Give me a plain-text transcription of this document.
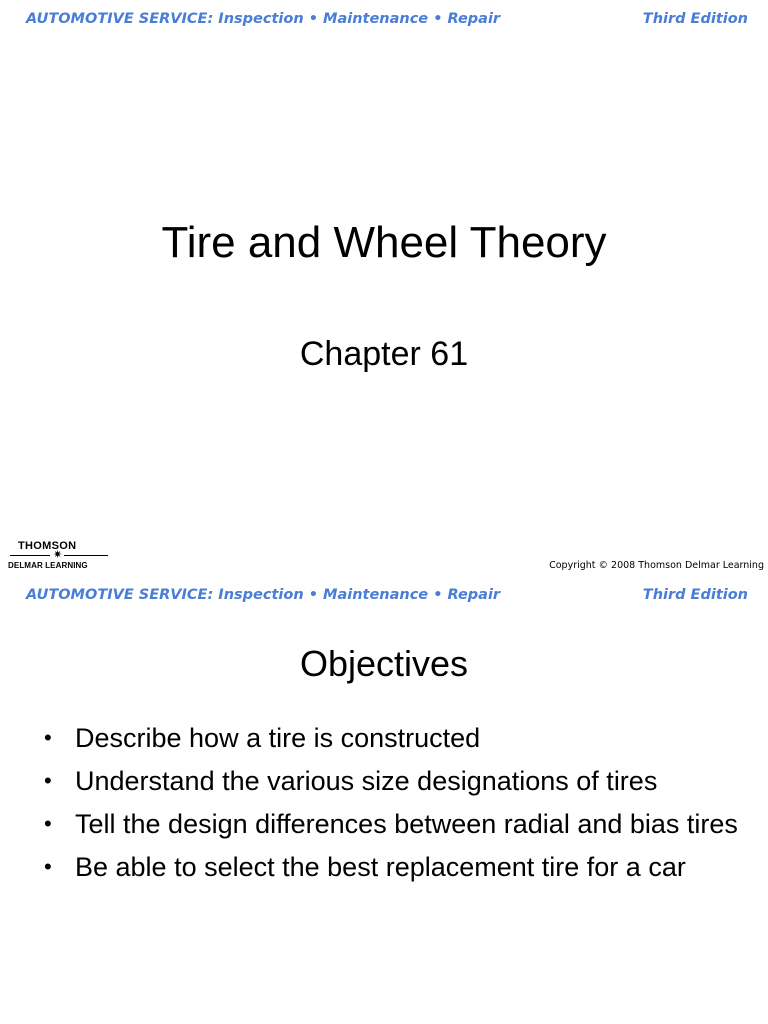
AUTOMOTIVE SERVICE: Inspection • Maintenance • Repair	Third Edition
Tire and Wheel Theory
Chapter 61
THOMSON
✷
DELMAR LEARNING	Copyright © 2008 Thomson Delmar Learning
AUTOMOTIVE SERVICE: Inspection • Maintenance • Repair	Third Edition
Objectives
• Describe how a tire is constructed
• Understand the various size designations of tires
• Tell the design differences between radial and bias tires
• Be able to select the best replacement tire for a car
